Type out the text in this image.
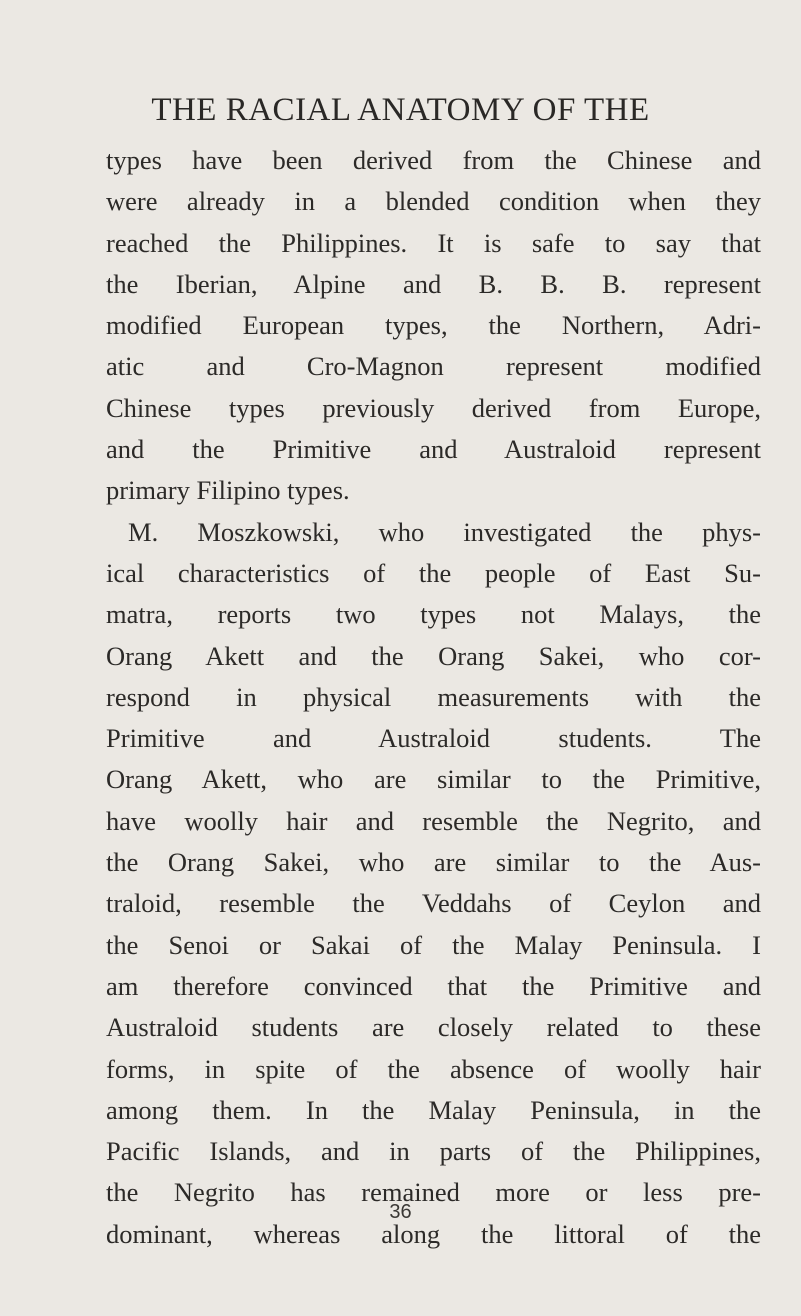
THE RACIAL ANATOMY OF THE
types have been derived from the Chinese and
were already in a blended condition when they
reached the Philippines. It is safe to say that
the Iberian, Alpine and B. B. B. represent
modified European types, the Northern, Adri-
atic and Cro-Magnon represent modified
Chinese types previously derived from Europe,
and the Primitive and Australoid represent
primary Filipino types.
M. Moszkowski, who investigated the phys-
ical characteristics of the people of East Su-
matra, reports two types not Malays, the
Orang Akett and the Orang Sakei, who cor-
respond in physical measurements with the
Primitive and Australoid students. The
Orang Akett, who are similar to the Primitive,
have woolly hair and resemble the Negrito, and
the Orang Sakei, who are similar to the Aus-
traloid, resemble the Veddahs of Ceylon and
the Senoi or Sakai of the Malay Peninsula. I
am therefore convinced that the Primitive and
Australoid students are closely related to these
forms, in spite of the absence of woolly hair
among them. In the Malay Peninsula, in the
Pacific Islands, and in parts of the Philippines,
the Negrito has remained more or less pre-
dominant, whereas along the littoral of the
36
